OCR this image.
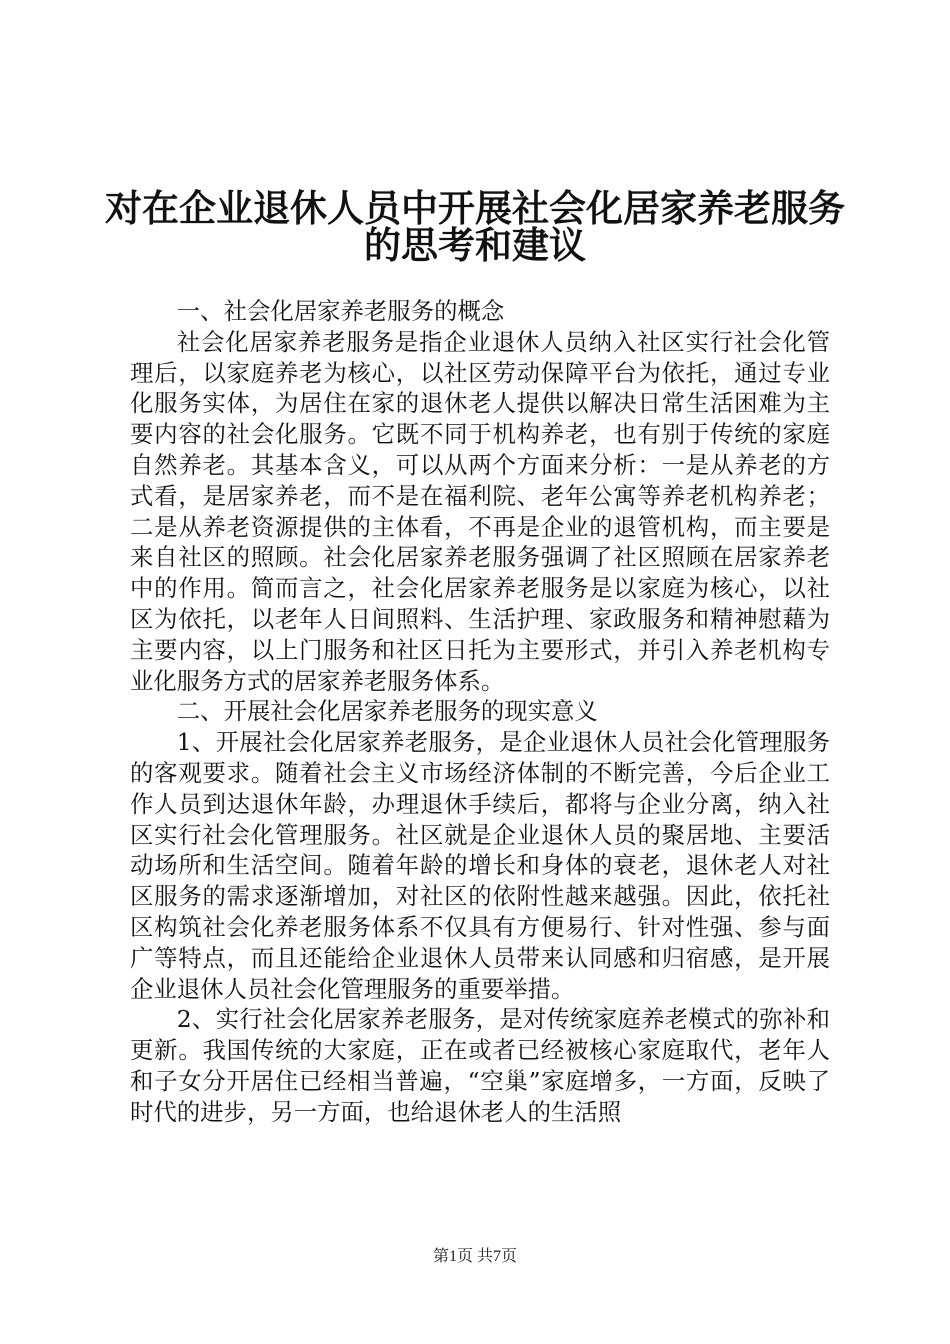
对在企业退休人员中开展社会化居家养老服务
的思考和建议

一、社会化居家养老服务的概念

社会化居家养老服务是指企业退休人员纳入社区实行社会化管理后，以家庭养老为核心，以社区劳动保障平台为依托，通过专业化服务实体，为居住在家的退休老人提供以解决日常生活困难为主要内容的社会化服务。它既不同于机构养老，也有别于传统的家庭自然养老。其基本含义，可以从两个方面来分析：一是从养老的方式看，是居家养老，而不是在福利院、老年公寓等养老机构养老；二是从养老资源提供的主体看，不再是企业的退管机构，而主要是来自社区的照顾。社会化居家养老服务强调了社区照顾在居家养老中的作用。简而言之，社会化居家养老服务是以家庭为核心，以社区为依托，以老年人日间照料、生活护理、家政服务和精神慰藉为主要内容，以上门服务和社区日托为主要形式，并引入养老机构专业化服务方式的居家养老服务体系。

二、开展社会化居家养老服务的现实意义

1、开展社会化居家养老服务，是企业退休人员社会化管理服务的客观要求。随着社会主义市场经济体制的不断完善，今后企业工作人员到达退休年龄，办理退休手续后，都将与企业分离，纳入社区实行社会化管理服务。社区就是企业退休人员的聚居地、主要活动场所和生活空间。随着年龄的增长和身体的衰老，退休老人对社区服务的需求逐渐增加，对社区的依附性越来越强。因此，依托社区构筑社会化养老服务体系不仅具有方便易行、针对性强、参与面广等特点，而且还能给企业退休人员带来认同感和归宿感，是开展企业退休人员社会化管理服务的重要举措。

2、实行社会化居家养老服务，是对传统家庭养老模式的弥补和更新。我国传统的大家庭，正在或者已经被核心家庭取代，老年人和子女分开居住已经相当普遍，“空巢”家庭增多，一方面，反映了时代的进步，另一方面，也给退休老人的生活照

第1页 共7页
